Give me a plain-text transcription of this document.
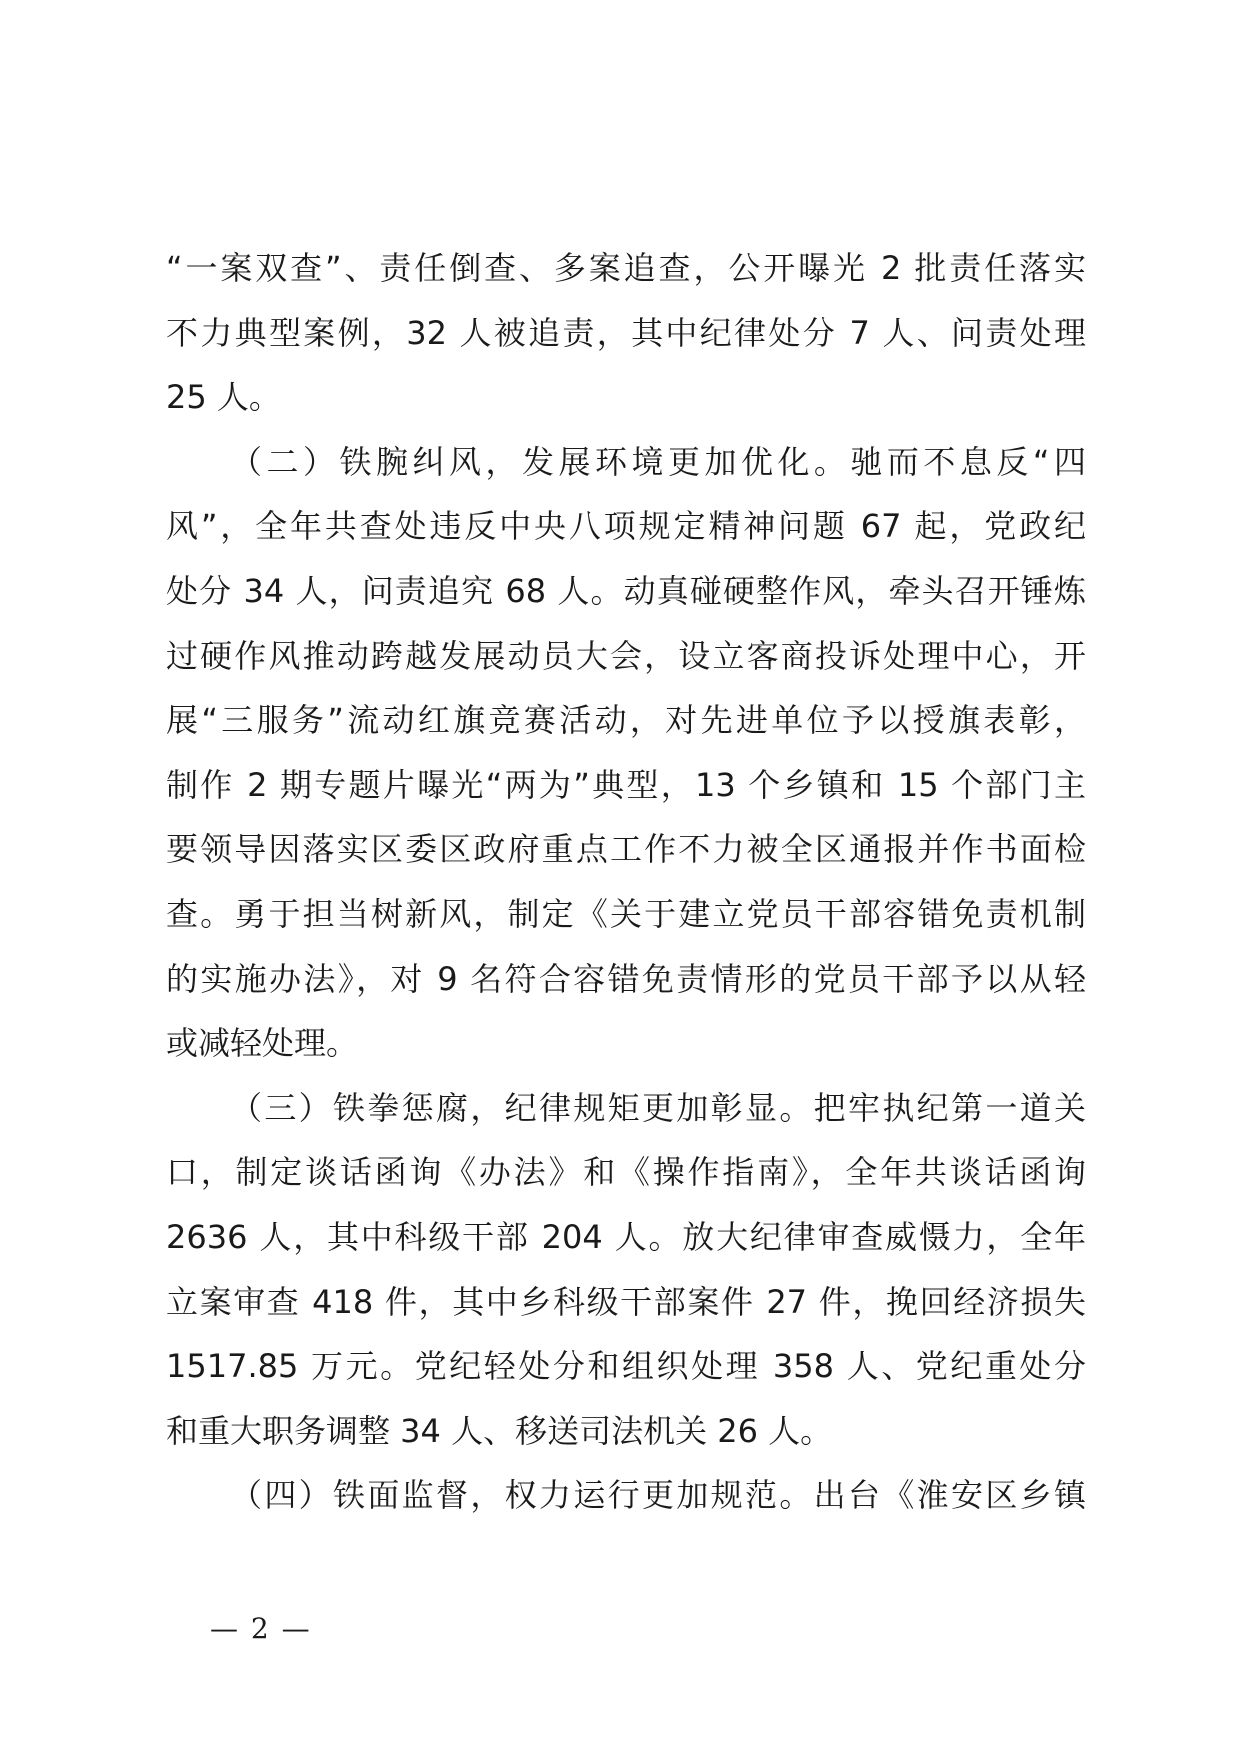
“一案双查”、责任倒查、多案追查，公开曝光 2 批责任落实
不力典型案例，32 人被追责，其中纪律处分 7 人、问责处理
25 人。
（二）铁腕纠风，发展环境更加优化。驰而不息反“四
风”，全年共查处违反中央八项规定精神问题 67 起，党政纪
处分 34 人，问责追究 68 人。动真碰硬整作风，牵头召开锤炼
过硬作风推动跨越发展动员大会，设立客商投诉处理中心，开
展“三服务”流动红旗竞赛活动，对先进单位予以授旗表彰，
制作 2 期专题片曝光“两为”典型，13 个乡镇和 15 个部门主
要领导因落实区委区政府重点工作不力被全区通报并作书面检
查。勇于担当树新风，制定《关于建立党员干部容错免责机制
的实施办法》，对 9 名符合容错免责情形的党员干部予以从轻
或减轻处理。
（三）铁拳惩腐，纪律规矩更加彰显。把牢执纪第一道关
口，制定谈话函询《办法》和《操作指南》，全年共谈话函询
2636 人，其中科级干部 204 人。放大纪律审查威慑力，全年
立案审查 418 件，其中乡科级干部案件 27 件，挽回经济损失
1517.85 万元。党纪轻处分和组织处理 358 人、党纪重处分
和重大职务调整 34 人、移送司法机关 26 人。
（四）铁面监督，权力运行更加规范。出台《淮安区乡镇
— 2 —
